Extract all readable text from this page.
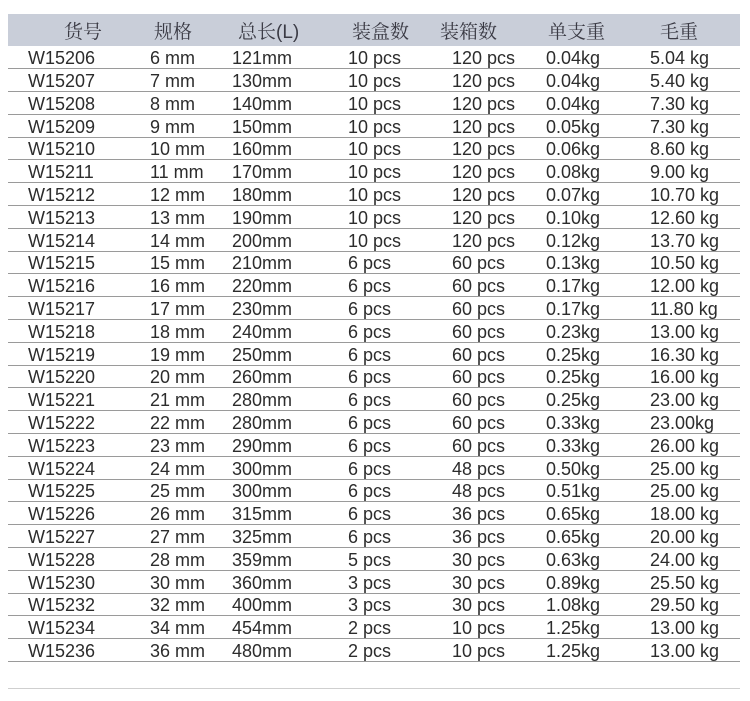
货号	规格	总长(L)	装盒数	装箱数	单支重	毛重
W15206	6 mm	121mm	10 pcs	120 pcs	0.04kg	5.04 kg
W15207	7 mm	130mm	10 pcs	120 pcs	0.04kg	5.40 kg
W15208	8 mm	140mm	10 pcs	120 pcs	0.04kg	7.30 kg
W15209	9 mm	150mm	10 pcs	120 pcs	0.05kg	7.30 kg
W15210	10 mm	160mm	10 pcs	120 pcs	0.06kg	8.60 kg
W15211	11 mm	170mm	10 pcs	120 pcs	0.08kg	9.00 kg
W15212	12 mm	180mm	10 pcs	120 pcs	0.07kg	10.70 kg
W15213	13 mm	190mm	10 pcs	120 pcs	0.10kg	12.60 kg
W15214	14 mm	200mm	10 pcs	120 pcs	0.12kg	13.70 kg
W15215	15 mm	210mm	6 pcs	60 pcs	0.13kg	10.50 kg
W15216	16 mm	220mm	6 pcs	60 pcs	0.17kg	12.00 kg
W15217	17 mm	230mm	6 pcs	60 pcs	0.17kg	11.80 kg
W15218	18 mm	240mm	6 pcs	60 pcs	0.23kg	13.00 kg
W15219	19 mm	250mm	6 pcs	60 pcs	0.25kg	16.30 kg
W15220	20 mm	260mm	6 pcs	60 pcs	0.25kg	16.00 kg
W15221	21 mm	280mm	6 pcs	60 pcs	0.25kg	23.00 kg
W15222	22 mm	280mm	6 pcs	60 pcs	0.33kg	23.00kg
W15223	23 mm	290mm	6 pcs	60 pcs	0.33kg	26.00 kg
W15224	24 mm	300mm	6 pcs	48 pcs	0.50kg	25.00 kg
W15225	25 mm	300mm	6 pcs	48 pcs	0.51kg	25.00 kg
W15226	26 mm	315mm	6 pcs	36 pcs	0.65kg	18.00 kg
W15227	27 mm	325mm	6 pcs	36 pcs	0.65kg	20.00 kg
W15228	28 mm	359mm	5 pcs	30 pcs	0.63kg	24.00 kg
W15230	30 mm	360mm	3 pcs	30 pcs	0.89kg	25.50 kg
W15232	32 mm	400mm	3 pcs	30 pcs	1.08kg	29.50 kg
W15234	34 mm	454mm	2 pcs	10 pcs	1.25kg	13.00 kg
W15236	36 mm	480mm	2 pcs	10 pcs	1.25kg	13.00 kg
